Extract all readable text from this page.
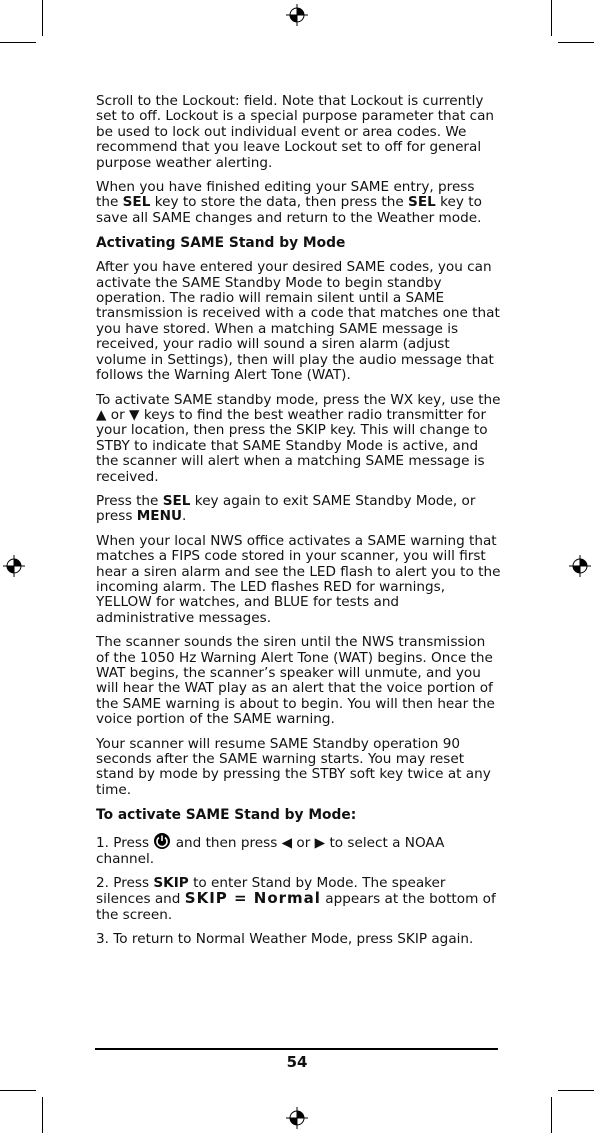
Scroll to the Lockout: field. Note that Lockout is currently set to off. Lockout is a special purpose parameter that can be used to lock out individual event or area codes. We recommend that you leave Lockout set to off for general purpose weather alerting.

When you have finished editing your SAME entry, press the SEL key to store the data, then press the SEL key to save all SAME changes and return to the Weather mode.

Activating SAME Stand by Mode

After you have entered your desired SAME codes, you can activate the SAME Standby Mode to begin standby operation. The radio will remain silent until a SAME transmission is received with a code that matches one that you have stored. When a matching SAME message is received, your radio will sound a siren alarm (adjust volume in Settings), then will play the audio message that follows the Warning Alert Tone (WAT).

To activate SAME standby mode, press the WX key, use the ▲ or ▼ keys to find the best weather radio transmitter for your location, then press the SKIP key. This will change to STBY to indicate that SAME Standby Mode is active, and the scanner will alert when a matching SAME message is received.

Press the SEL key again to exit SAME Standby Mode, or press MENU.

When your local NWS office activates a SAME warning that matches a FIPS code stored in your scanner, you will first hear a siren alarm and see the LED flash to alert you to the incoming alarm. The LED flashes RED for warnings, YELLOW for watches, and BLUE for tests and administrative messages.

The scanner sounds the siren until the NWS transmission of the 1050 Hz Warning Alert Tone (WAT) begins. Once the WAT begins, the scanner’s speaker will unmute, and you will hear the WAT play as an alert that the voice portion of the SAME warning is about to begin. You will then hear the voice portion of the SAME warning.

Your scanner will resume SAME Standby operation 90 seconds after the SAME warning starts. You may reset stand by mode by pressing the STBY soft key twice at any time.

To activate SAME Stand by Mode:

1. Press  and then press ◀ or ▶ to select a NOAA channel.

2. Press SKIP to enter Stand by Mode. The speaker silences and SKIP = Normal appears at the bottom of the screen.

3. To return to Normal Weather Mode, press SKIP again.

54
